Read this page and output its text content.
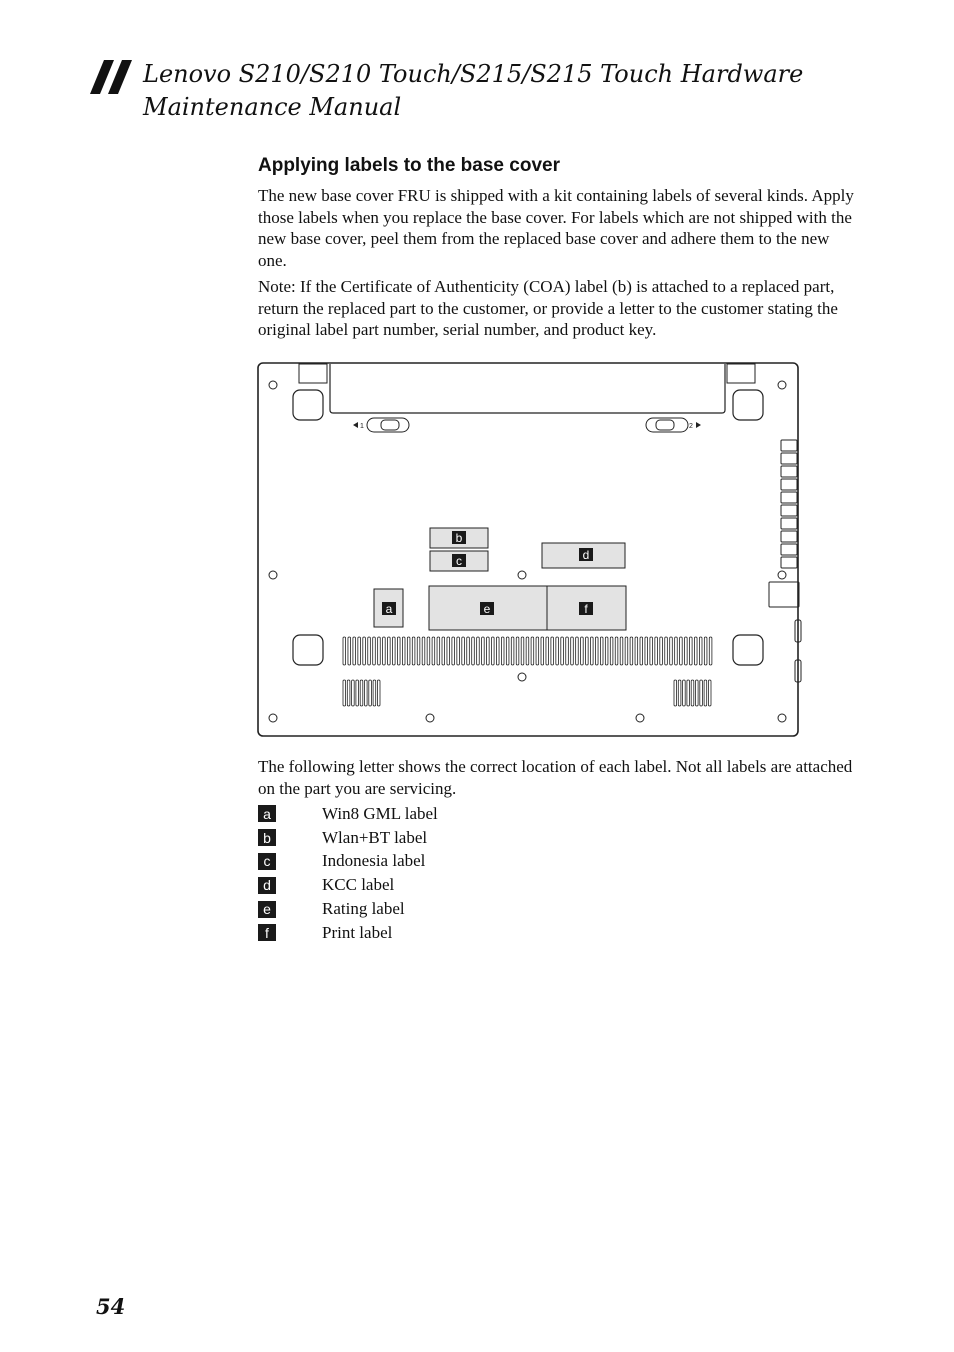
Lenovo S210/S210 Touch/S215/S215 Touch Hardware Maintenance Manual
Applying labels to the base cover

The new base cover FRU is shipped with a kit containing labels of several kinds. Apply those labels when you replace the base cover. For labels which are not shipped with the new base cover, peel them from the replaced base cover and adhere them to the new one.

Note: If the Certificate of Authenticity (COA) label (b) is attached to a replaced part, return the replaced part to the customer, or provide a letter to the customer stating the original label part number, serial number, and product key.

1	2
b
c	d
a	e	f

The following letter shows the correct location of each label. Not all labels are attached on the part you are servicing.

a	Win8 GML label
b	Wlan+BT label
c	Indonesia label
d	KCC label
e	Rating label
f	Print label
54
